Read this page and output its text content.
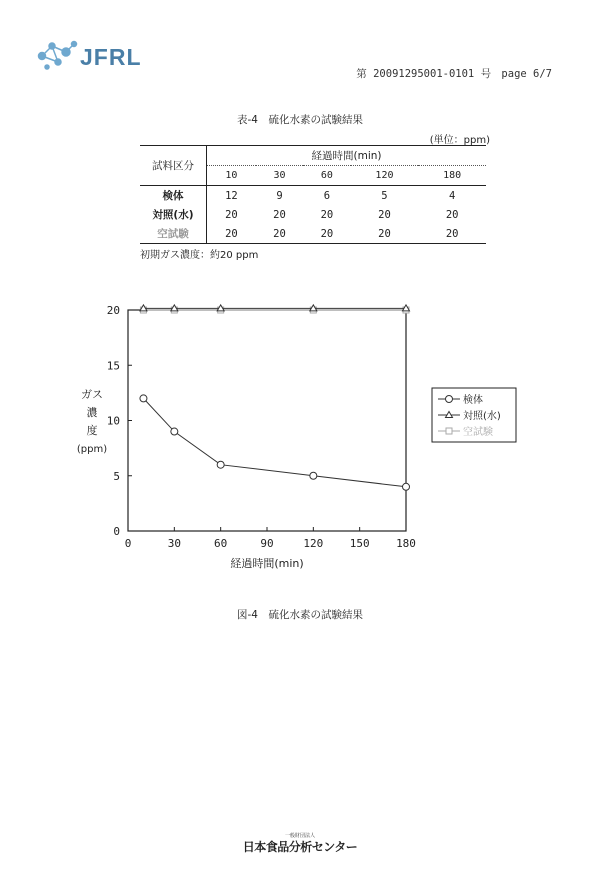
JFRL
第 20091295001-0101 号 page 6/7
表-4　硫化水素の試験結果
(単位：ppm)
試料区分	経過時間(min)				
	10	30	60	120	180
検体	12	9	6	5	4
対照(水)	20	20	20	20	20
空試験	20	20	20	20	20
初期ガス濃度：約20 ppm
0
5
10
15
20
0	30	60	90	120 150 180
経過時間(min)
ガス
濃
度
(ppm)
検体
対照(水)
空試験
図-4　硫化水素の試験結果
一般財団法人
日本食品分析センター
